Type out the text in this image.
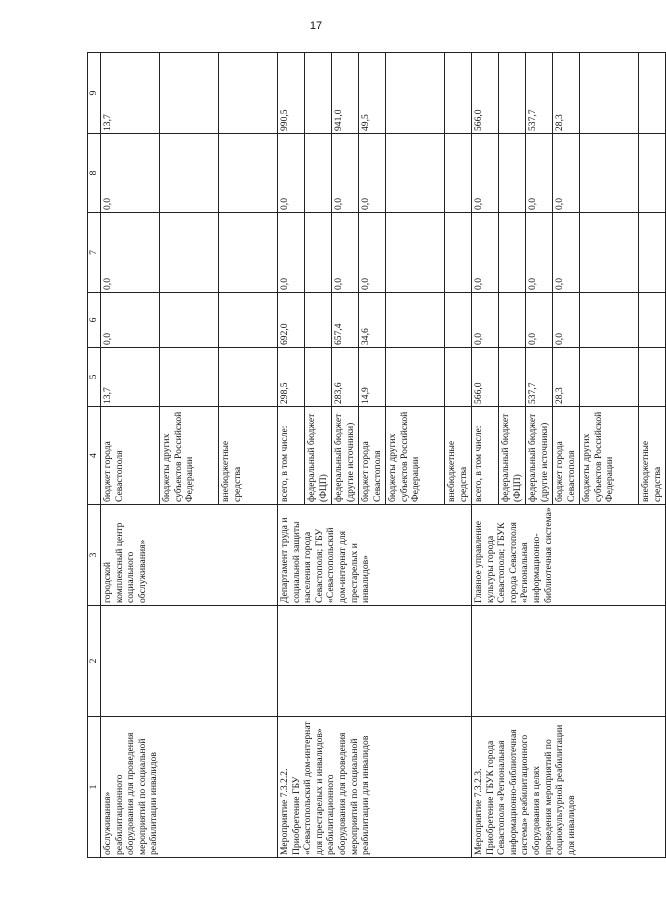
17
1	2	3	4	5	6	7	8	9
обслуживания» реабилитационного оборудования для проведения мероприятий по социальной реабилитации инвалидов		городской комплексный центр социального обслуживания»	бюджет города Севастополя	13,7	0,0	0,0	0,0	13,7
			бюджеты других субъектов Российской Федерации					
			внебюджетные средства					
Мероприятие 7.3.2.2. Приобретение ГБУ «Севастопольский дом-интернат для престарелых и инвалидов» реабилитационного оборудования для проведения мероприятий по социальной реабилитации для инвалидов		Департамент труда и социальной защиты населения города Севастополя; ГБУ «Севастопольский дом-интернат для престарелых и инвалидов»	всего, в том числе:	298,5	692,0	0,0	0,0	990,5
			федеральный бюджет (ФЦП)					
			федеральный бюджет (другие источники)	283,6	657,4	0,0	0,0	941,0
			бюджет города Севастополя	14,9	34,6	0,0	0,0	49,5
			бюджеты других субъектов Российской Федерации					
			внебюджетные средства					
Мероприятие 7.3.2.3. Приобретение ГБУК города Севастополя «Региональная информационно-библиотечная система» реабилитационного оборудования в целях проведения мероприятий по социокультурной реабилитации для инвалидов		Главное управление культуры города Севастополя; ГБУК города Севастополя «Региональная информационно-библиотечная система»	всего, в том числе:	566,0	0,0	0,0	0,0	566,0
			федеральный бюджет (ФЦП)					
			федеральный бюджет (другие источники)	537,7	0,0	0,0	0,0	537,7
			бюджет города Севастополя	28,3	0,0	0,0	0,0	28,3
			бюджеты других субъектов Российской Федерации					
			внебюджетные средства					
